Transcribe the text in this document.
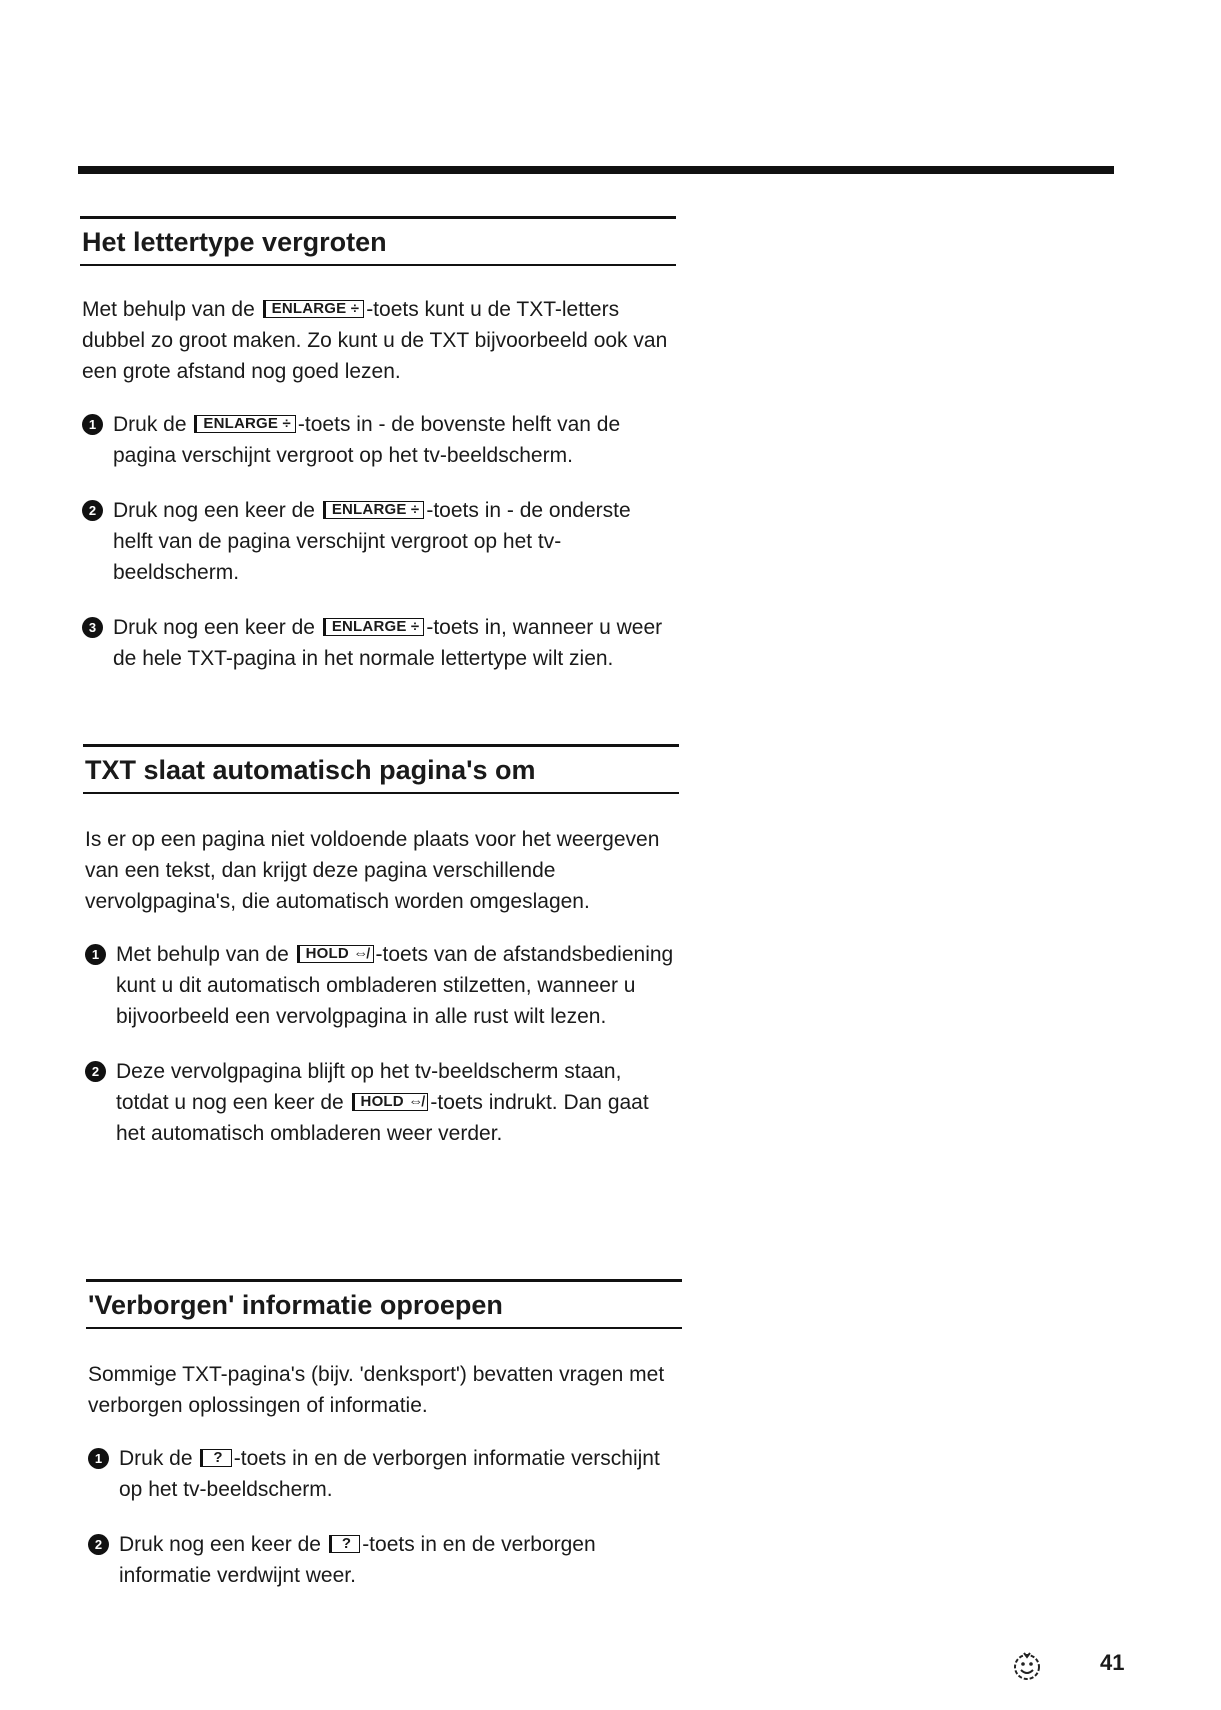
Het lettertype vergroten

Met behulp van de ENLARGE ÷ -toets kunt u de TXT-letters dubbel zo groot maken. Zo kunt u de TXT bijvoorbeeld ook van een grote afstand nog goed lezen.

1 Druk de ENLARGE ÷ -toets in - de bovenste helft van de pagina verschijnt vergroot op het tv-beeldscherm.

2 Druk nog een keer de ENLARGE ÷ -toets in - de onderste helft van de pagina verschijnt vergroot op het tv-beeldscherm.

3 Druk nog een keer de ENLARGE ÷ -toets in, wanneer u weer de hele TXT-pagina in het normale lettertype wilt zien.

TXT slaat automatisch pagina's om

Is er op een pagina niet voldoende plaats voor het weergeven van een tekst, dan krijgt deze pagina verschillende vervolgpagina's, die automatisch worden omgeslagen.

1 Met behulp van de HOLD ⇎ -toets van de afstandsbediening kunt u dit automatisch ombladeren stilzetten, wanneer u bijvoorbeeld een vervolgpagina in alle rust wilt lezen.

2 Deze vervolgpagina blijft op het tv-beeldscherm staan, totdat u nog een keer de HOLD ⇎ -toets indrukt. Dan gaat het automatisch ombladeren weer verder.

'Verborgen' informatie oproepen

Sommige TXT-pagina's (bijv. 'denksport') bevatten vragen met verborgen oplossingen of informatie.

1 Druk de ? -toets in en de verborgen informatie verschijnt op het tv-beeldscherm.

2 Druk nog een keer de ? -toets in en de verborgen informatie verdwijnt weer.

41
